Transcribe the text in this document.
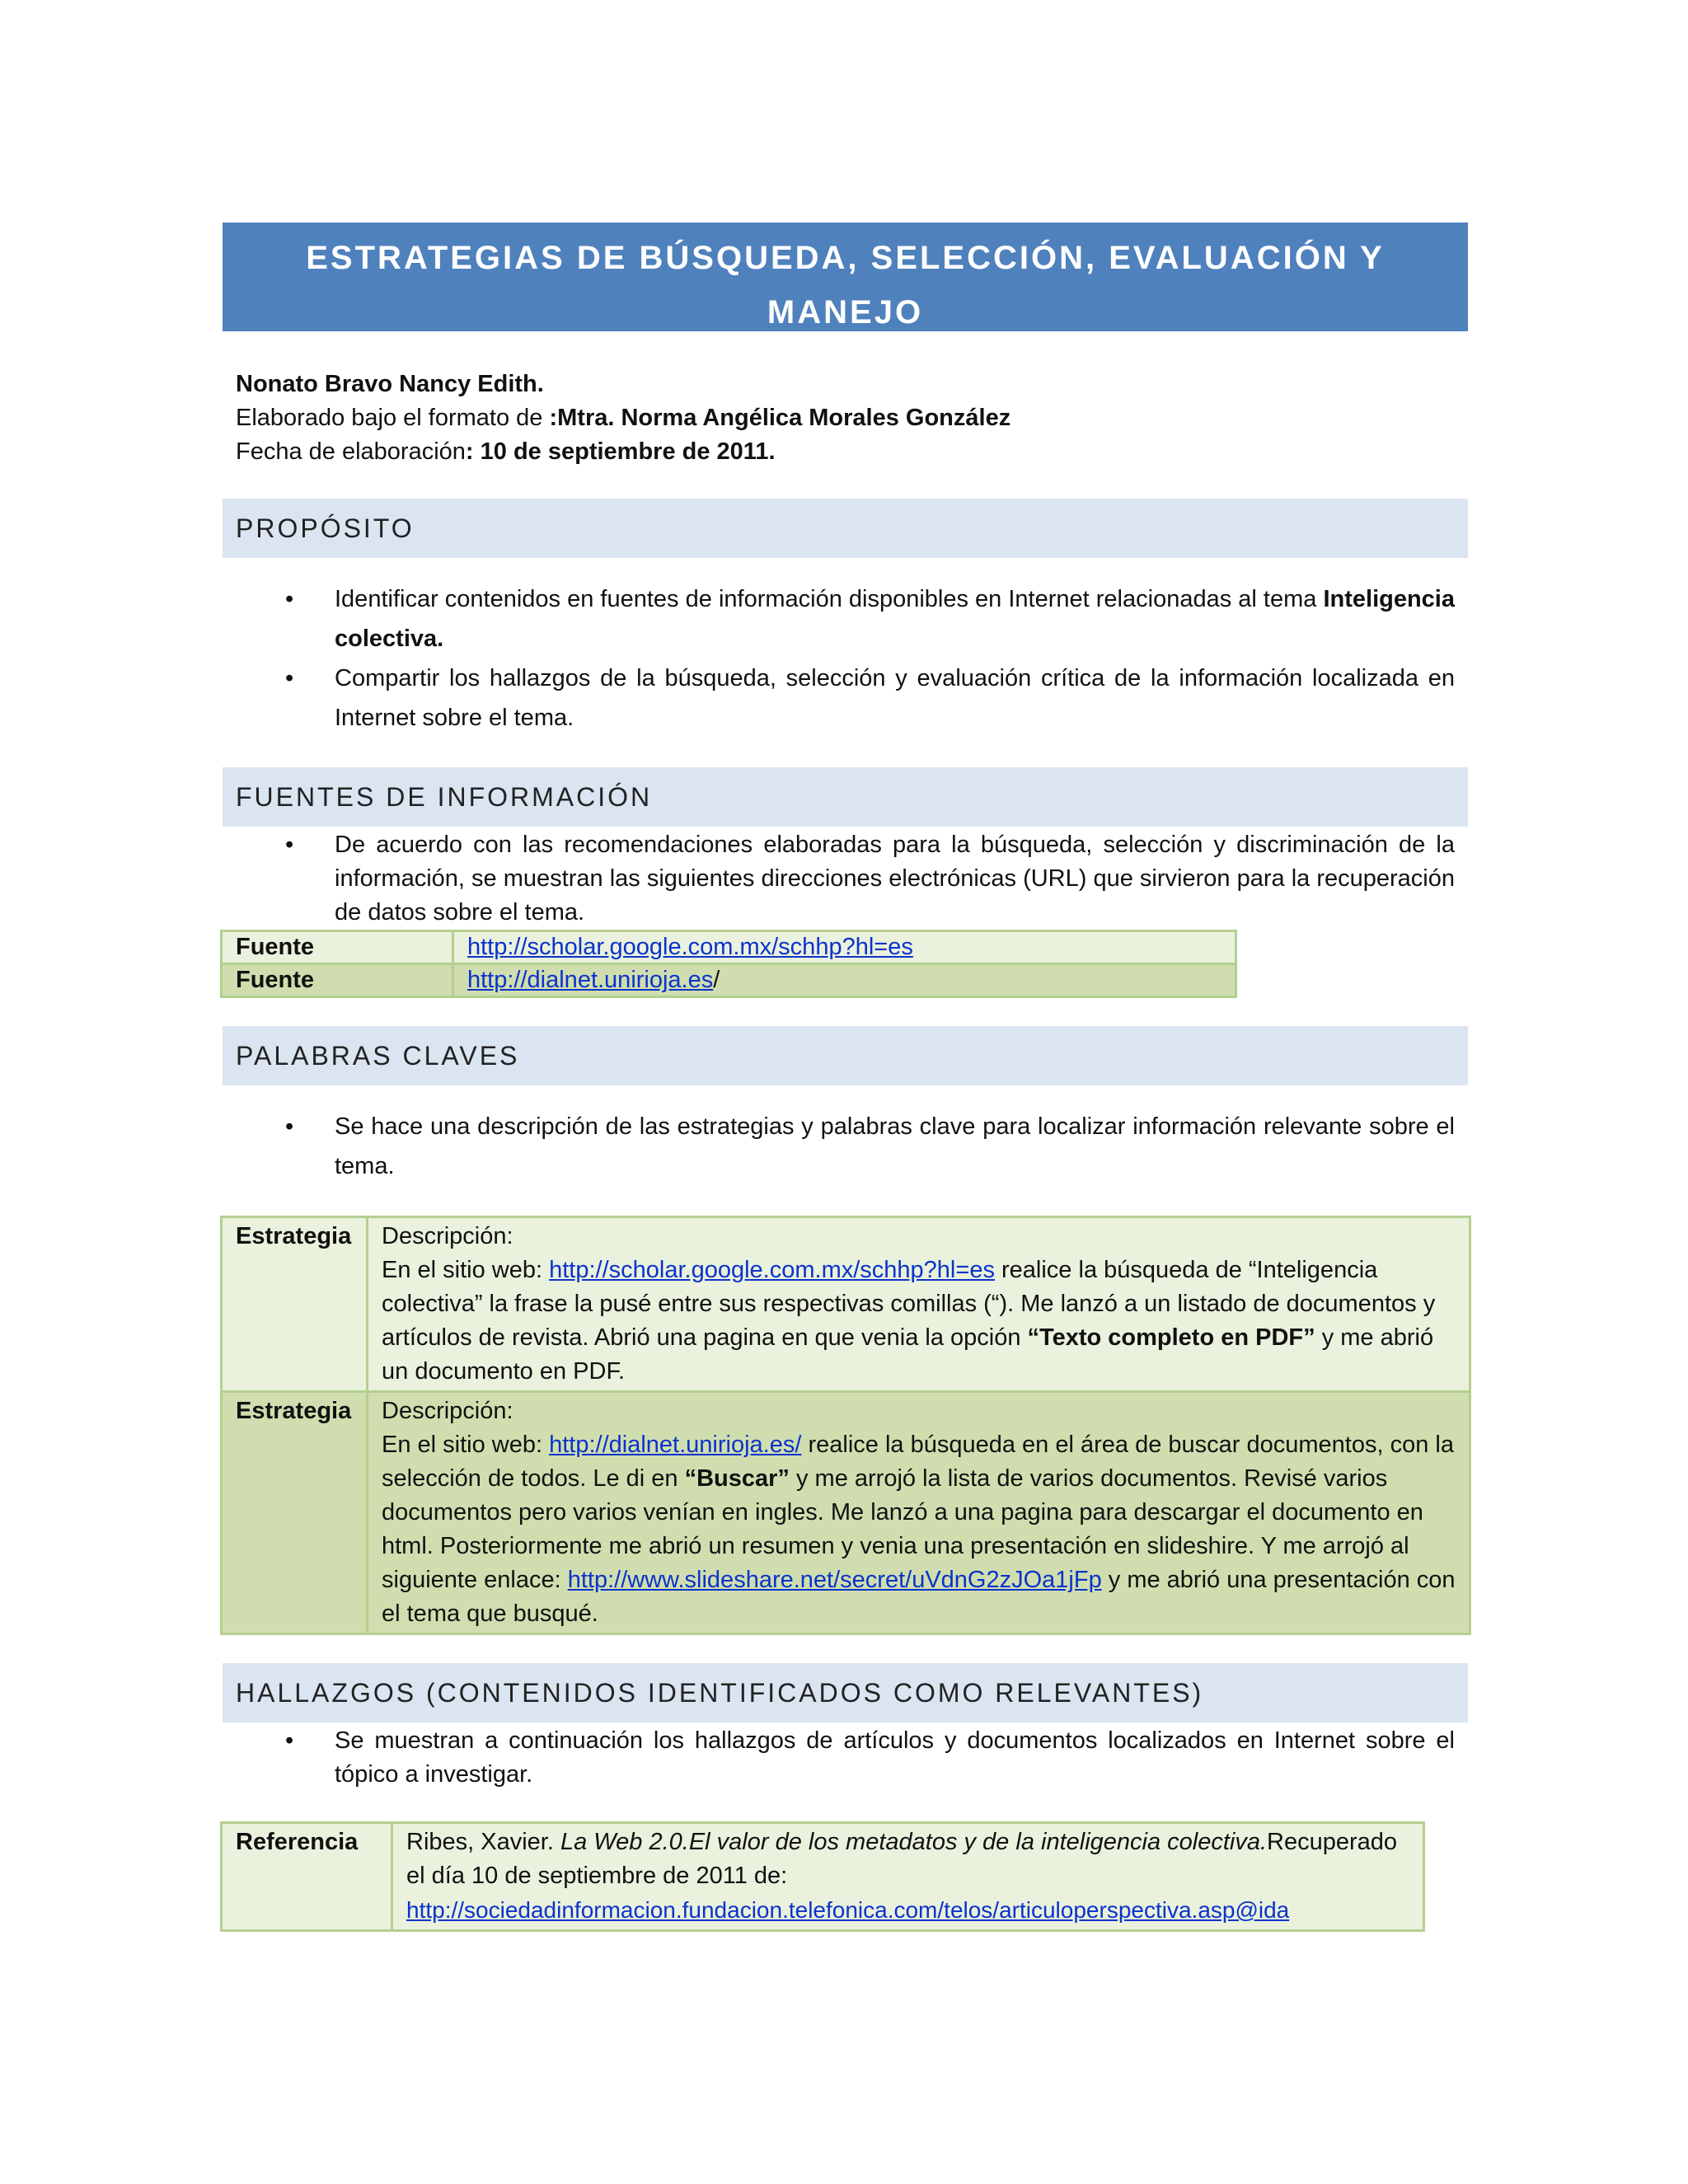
ESTRATEGIAS DE BÚSQUEDA, SELECCIÓN, EVALUACIÓN Y MANEJO
DE LA INFORMACIÓN EN INTERNET
Nonato Bravo Nancy Edith.
Elaborado bajo el formato de :Mtra. Norma Angélica Morales González
Fecha de elaboración: 10 de septiembre de 2011.
PROPÓSITO
• Identificar contenidos en fuentes de información disponibles en Internet relacionadas al tema Inteligencia colectiva.
• Compartir los hallazgos de la búsqueda, selección y evaluación crítica de la información localizada en Internet sobre el tema.
FUENTES DE INFORMACIÓN
• De acuerdo con las recomendaciones elaboradas para la búsqueda, selección y discriminación de la información, se muestran las siguientes direcciones electrónicas (URL) que sirvieron para la recuperación de datos sobre el tema.
Fuente	http://scholar.google.com.mx/schhp?hl=es
Fuente	http://dialnet.unirioja.es/
PALABRAS CLAVES
• Se hace una descripción de las estrategias y palabras clave para localizar información relevante sobre el tema.
Estrategia	Descripción:
En el sitio web: http://scholar.google.com.mx/schhp?hl=es realice la búsqueda de “Inteligencia colectiva” la frase la pusé entre sus respectivas comillas (“). Me lanzó a un listado de documentos y artículos de revista. Abrió una pagina en que venia la opción “Texto completo en PDF” y me abrió un documento en PDF.

Estrategia	Descripción:
En el sitio web: http://dialnet.unirioja.es/ realice la búsqueda en el área de buscar documentos, con la selección de todos. Le di en “Buscar” y me arrojó la lista de varios documentos. Revisé varios documentos pero varios venían en ingles. Me lanzó a una pagina para descargar el documento en html. Posteriormente me abrió un resumen y venia una presentación en slideshire. Y me arrojó al siguiente enlace: http://www.slideshare.net/secret/uVdnG2zJOa1jFp y me abrió una presentación con el tema que busqué.
HALLAZGOS (CONTENIDOS IDENTIFICADOS COMO RELEVANTES)
• Se muestran a continuación los hallazgos de artículos y documentos localizados en Internet sobre el tópico a investigar.
Referencia	Ribes, Xavier. La Web 2.0.El valor de los metadatos y de la inteligencia colectiva.Recuperado el día 10 de septiembre de 2011 de:
http://sociedadinformacion.fundacion.telefonica.com/telos/articuloperspectiva.asp@ida
